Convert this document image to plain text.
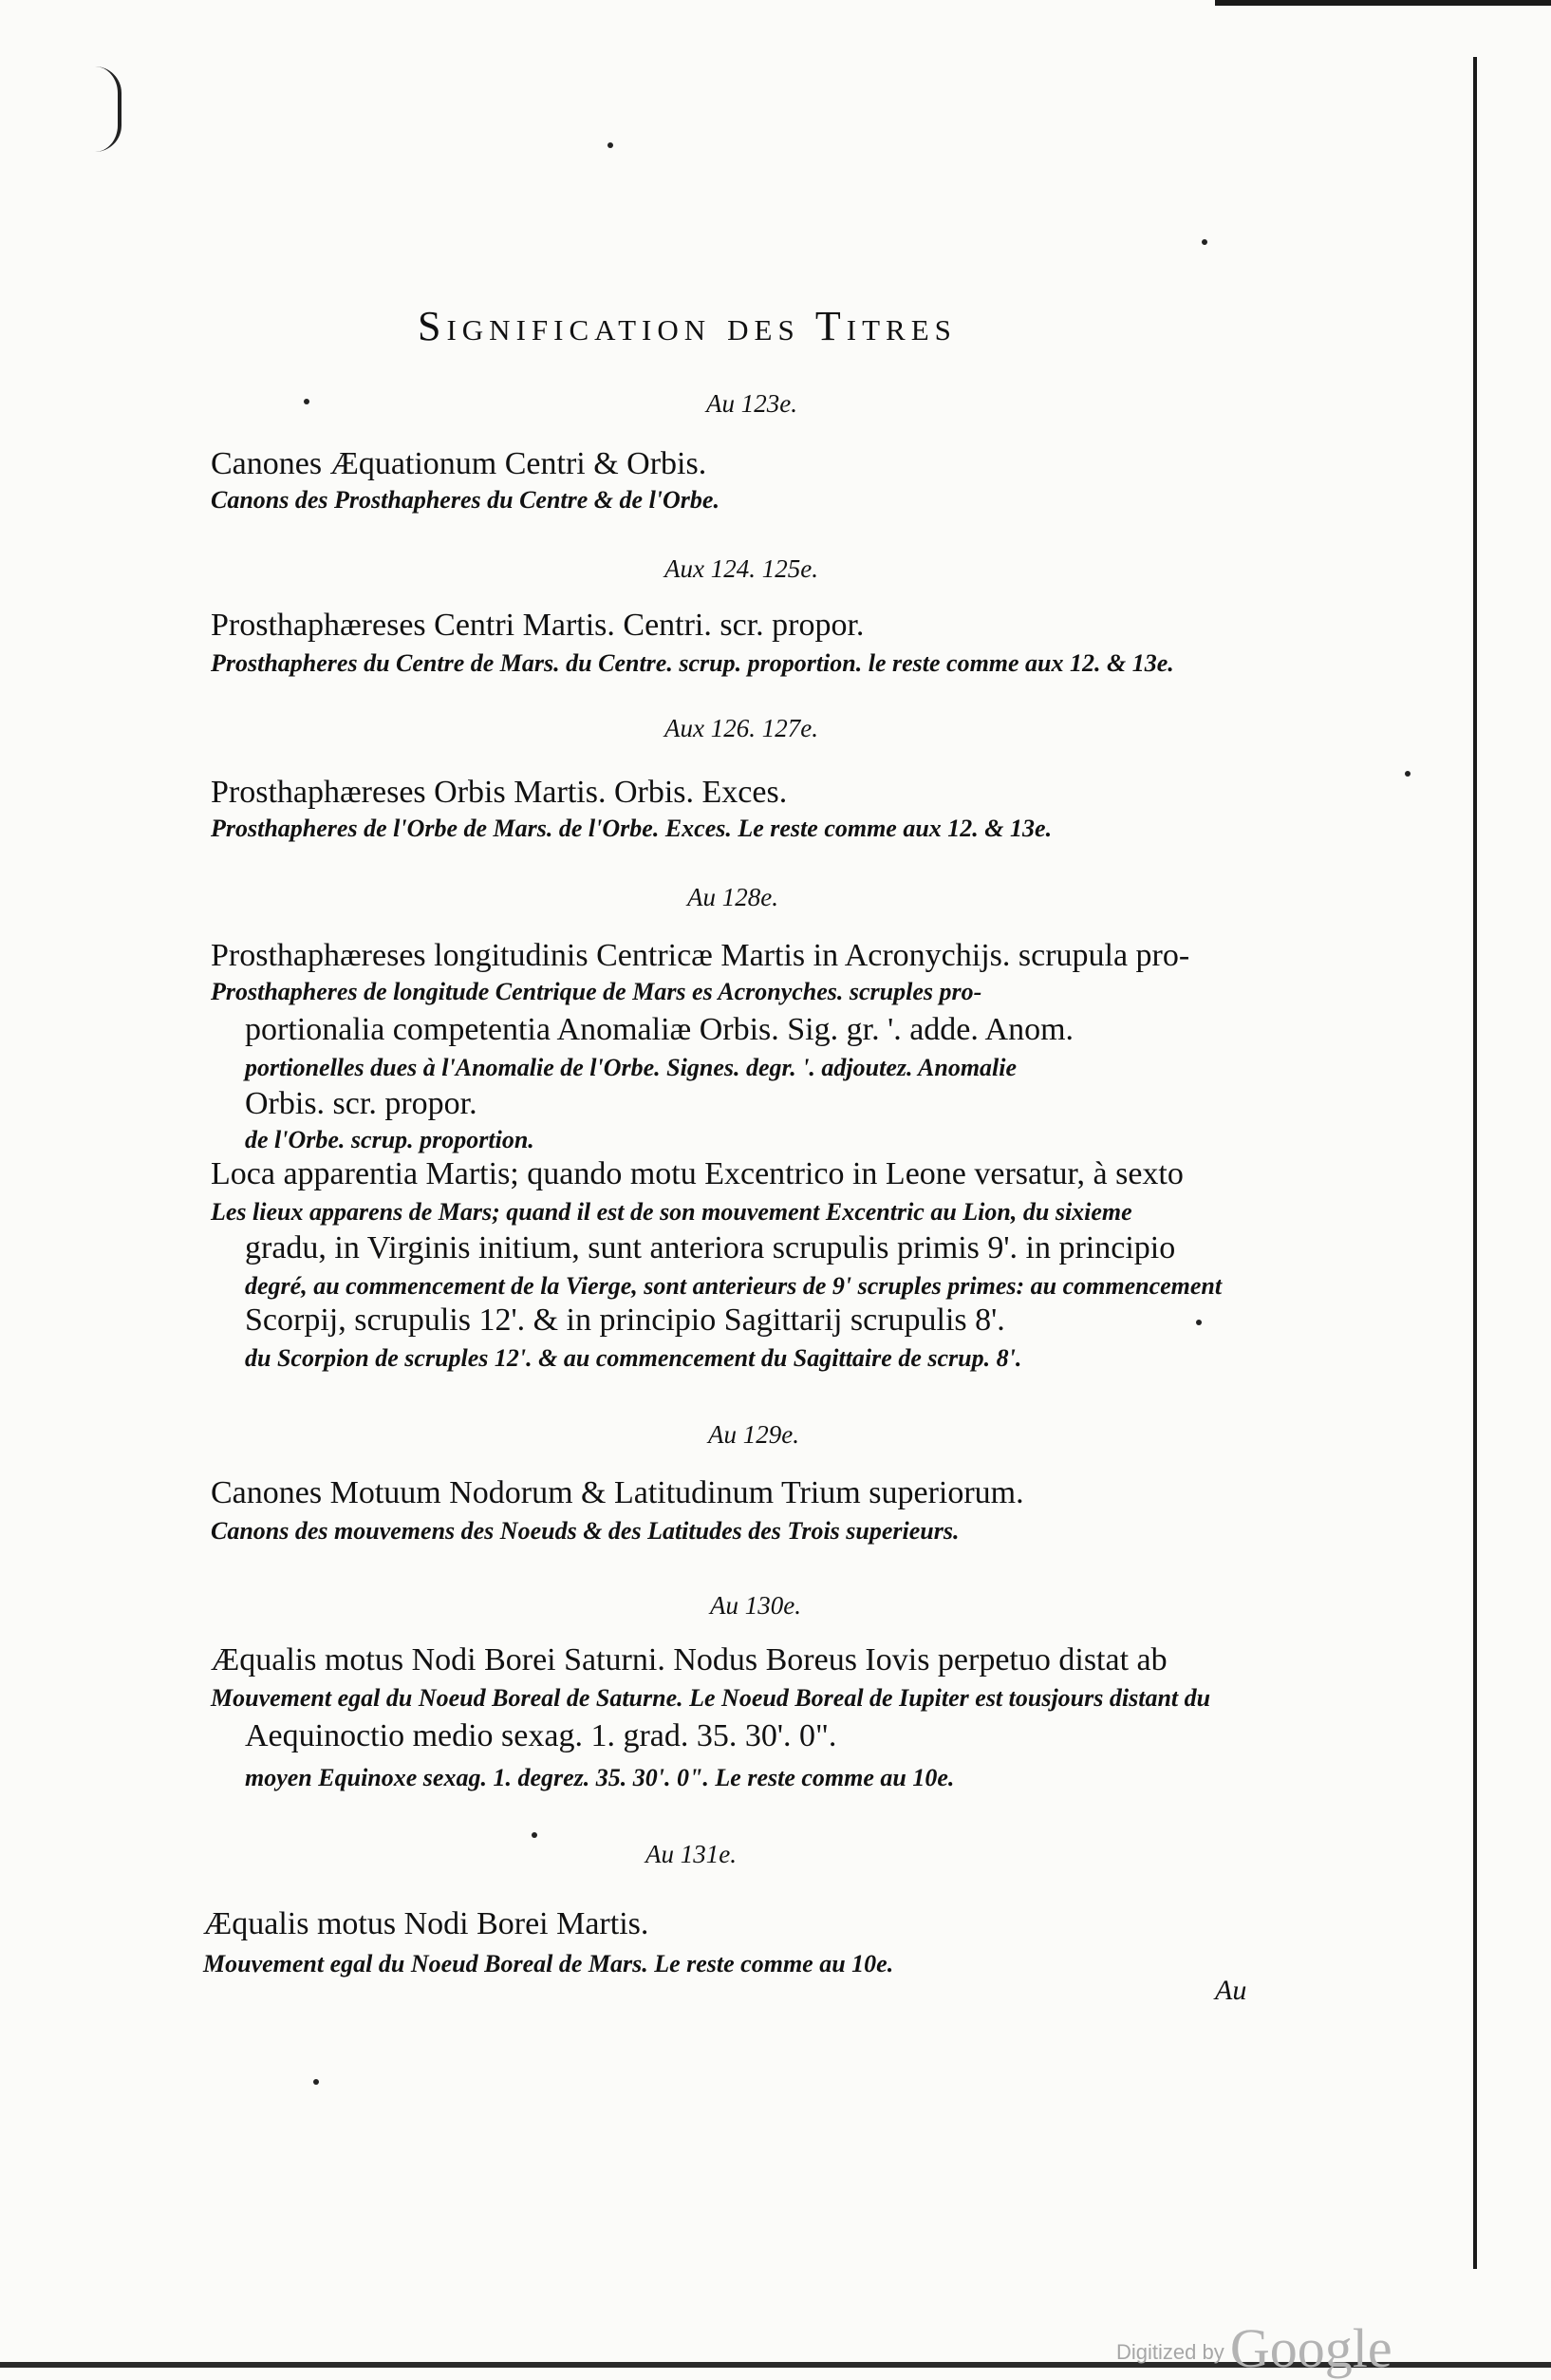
Signification des Titres
Au 123e.
Canones Æquationum Centri & Orbis.
Canons des Prosthapheres du Centre & de l'Orbe.
Aux 124. 125e.
Prosthaphæreses Centri Martis. Centri. scr. propor.
Prosthapheres du Centre de Mars. du Centre. scrup. proportion. le reste comme aux 12. & 13e.
Aux 126. 127e.
Prosthaphæreses Orbis Martis. Orbis. Exces.
Prosthapheres de l'Orbe de Mars. de l'Orbe. Exces. Le reste comme aux 12. & 13e.
Au 128e.
Prosthaphæreses longitudinis Centricæ Martis in Acronychijs. scrupula pro-
Prosthapheres de longitude Centrique de Mars es Acronyches. scruples pro-
portionalia competentia Anomaliæ Orbis. Sig. gr. '. adde. Anom.
portionelles dues à l'Anomalie de l'Orbe. Signes. degr. '. adjoutez. Anomalie
Orbis. scr. propor.
de l'Orbe. scrup. proportion.
Loca apparentia Martis; quando motu Excentrico in Leone versatur, à sexto
Les lieux apparens de Mars; quand il est de son mouvement Excentric au Lion, du sixieme
gradu, in Virginis initium, sunt anteriora scrupulis primis 9'. in principio
degré, au commencement de la Vierge, sont anterieurs de 9' scruples primes: au commencement
Scorpij, scrupulis 12'. & in principio Sagittarij scrupulis 8'.
du Scorpion de scruples 12'. & au commencement du Sagittaire de scrup. 8'.
Au 129e.
Canones Motuum Nodorum & Latitudinum Trium superiorum.
Canons des mouvemens des Noeuds & des Latitudes des Trois superieurs.
Au 130e.
Æqualis motus Nodi Borei Saturni. Nodus Boreus Iovis perpetuo distat ab
Mouvement egal du Noeud Boreal de Saturne. Le Noeud Boreal de Iupiter est tousjours distant du
Aequinoctio medio sexag. 1. grad. 35. 30'. 0".
moyen Equinoxe sexag. 1. degrez. 35. 30'. 0". Le reste comme au 10e.
Au 131e.
Æqualis motus Nodi Borei Martis.
Mouvement egal du Noeud Boreal de Mars. Le reste comme au 10e.
Au
Digitized by Google
